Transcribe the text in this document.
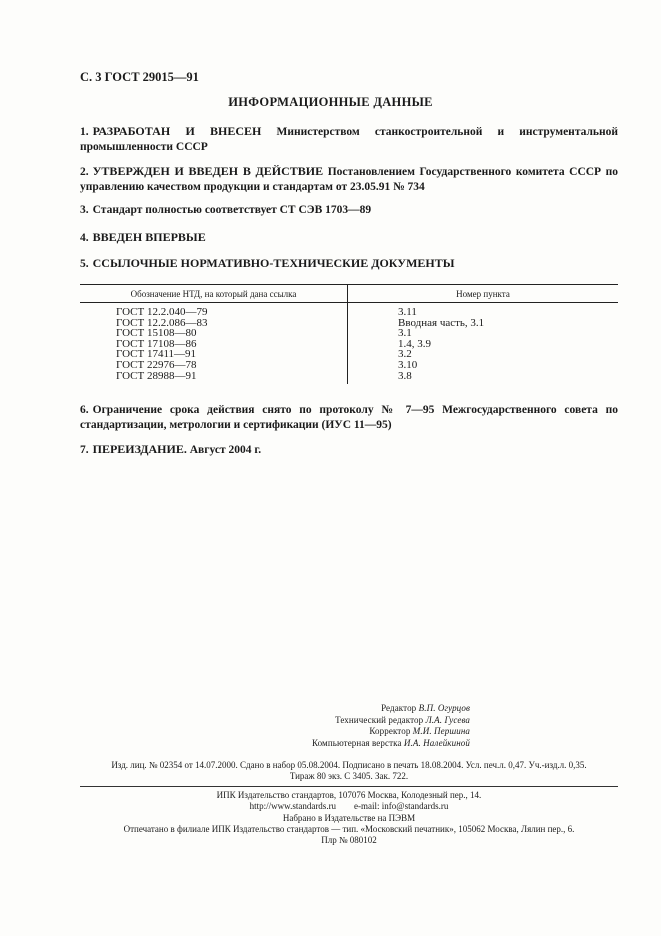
С. 3 ГОСТ 29015—91
ИНФОРМАЦИОННЫЕ ДАННЫЕ
1. РАЗРАБОТАН И ВНЕСЕН Министерством станкостроительной и инструментальной промышленности СССР
2. УТВЕРЖДЕН И ВВЕДЕН В ДЕЙСТВИЕ Постановлением Государственного комитета СССР по управлению качеством продукции и стандартам от 23.05.91 № 734
3. Стандарт полностью соответствует СТ СЭВ 1703—89
4. ВВЕДЕН ВПЕРВЫЕ
5. ССЫЛОЧНЫЕ НОРМАТИВНО-ТЕХНИЧЕСКИЕ ДОКУМЕНТЫ
Обозначение НТД, на который дана ссылка	Номер пункта
ГОСТ 12.2.040—79	3.11
ГОСТ 12.2.086—83	Вводная часть, 3.1
ГОСТ 15108—80	3.1
ГОСТ 17108—86	1.4, 3.9
ГОСТ 17411—91	3.2
ГОСТ 22976—78	3.10
ГОСТ 28988—91	3.8
6. Ограничение срока действия снято по протоколу № 7—95 Межгосударственного совета по стандартизации, метрологии и сертификации (ИУС 11—95)
7. ПЕРЕИЗДАНИЕ. Август 2004 г.
Редактор В.П. Огурцов
Технический редактор Л.А. Гусева
Корректор М.И. Першина
Компьютерная верстка И.А. Налейкиной
Изд. лиц. № 02354 от 14.07.2000. Сдано в набор 05.08.2004. Подписано в печать 18.08.2004. Усл. печ.л. 0,47. Уч.-изд.л. 0,35.
Тираж 80 экз. С 3405. Зак. 722.
ИПК Издательство стандартов, 107076 Москва, Колодезный пер., 14.
http://www.standards.ru        e-mail: info@standards.ru
Набрано в Издательстве на ПЭВМ
Отпечатано в филиале ИПК Издательство стандартов — тип. «Московский печатник», 105062 Москва, Лялин пер., 6.
Плр № 080102
